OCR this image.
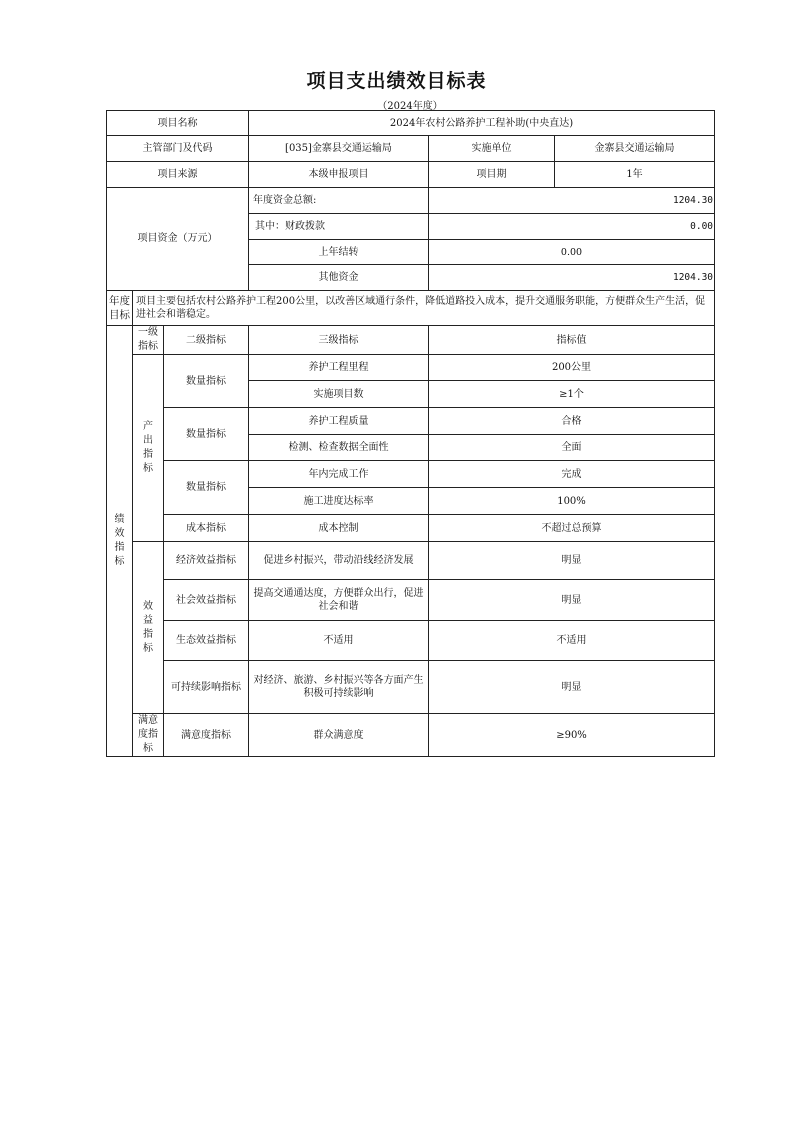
项目支出绩效目标表
（2024年度）
项目名称			2024年农村公路养护工程补助(中央直达)		
主管部门及代码			[035]金寨县交通运输局	实施单位	金寨县交通运输局
项目来源			本级申报项目	项目期	1年
项目资金（万元）			年度资金总额:	1204.30	
			其中：财政拨款	0.00	
			上年结转	0.00	
			其他资金	1204.30	
年度目标	项目主要包括农村公路养护工程200公里，以改善区域通行条件，降低道路投入成本，提升交通服务职能，方便群众生产生活，促进社会和谐稳定。				
绩效指标	一级指标	二级指标	三级指标	指标值	
	产出指标	数量指标	养护工程里程	200公里	
			实施项目数	≥1个	
		数量指标	养护工程质量	合格	
			检测、检查数据全面性	全面	
		数量指标	年内完成工作	完成	
			施工进度达标率	100%	
		成本指标	成本控制	不超过总预算	
	效益指标	经济效益指标	促进乡村振兴，带动沿线经济发展	明显	
		社会效益指标	提高交通通达度，方便群众出行，促进社会和谐	明显	
		生态效益指标	不适用	不适用	
		可持续影响指标	对经济、旅游、乡村振兴等各方面产生积极可持续影响	明显	
	满意度指标	满意度指标	群众满意度	≥90%	
